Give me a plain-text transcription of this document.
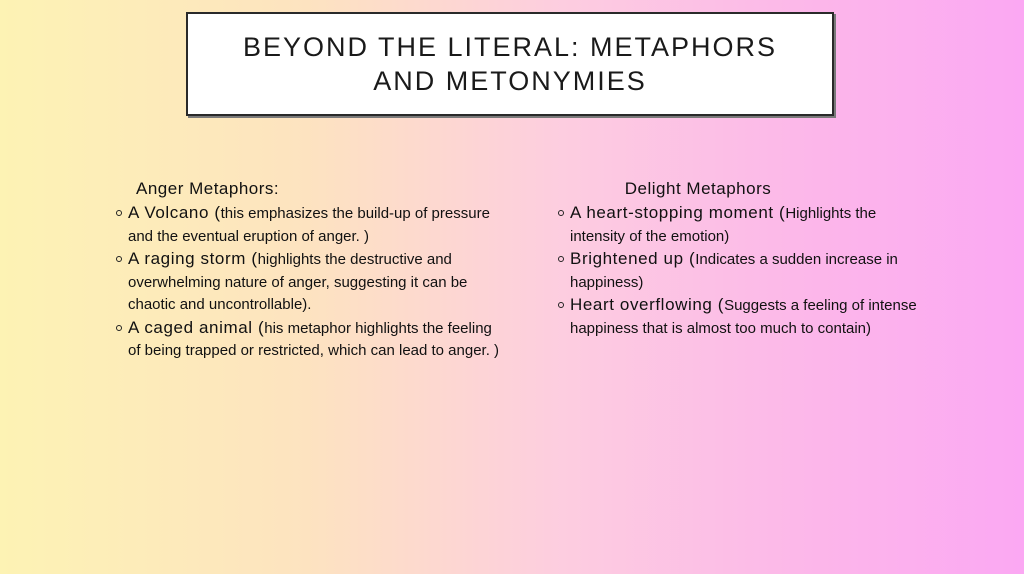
BEYOND THE LITERAL: METAPHORS AND METONYMIES
Anger Metaphors:
A Volcano (this emphasizes the build-up of pressure and the eventual eruption of anger. )
A raging storm (highlights the destructive and overwhelming nature of anger, suggesting it can be chaotic and uncontrollable).
A caged animal (his metaphor highlights the feeling of being trapped or restricted, which can lead to anger. )
Delight Metaphors
A heart-stopping moment (Highlights the intensity of the emotion)
Brightened up (Indicates a sudden increase in happiness)
Heart overflowing (Suggests a feeling of intense happiness that is almost too much to contain)
